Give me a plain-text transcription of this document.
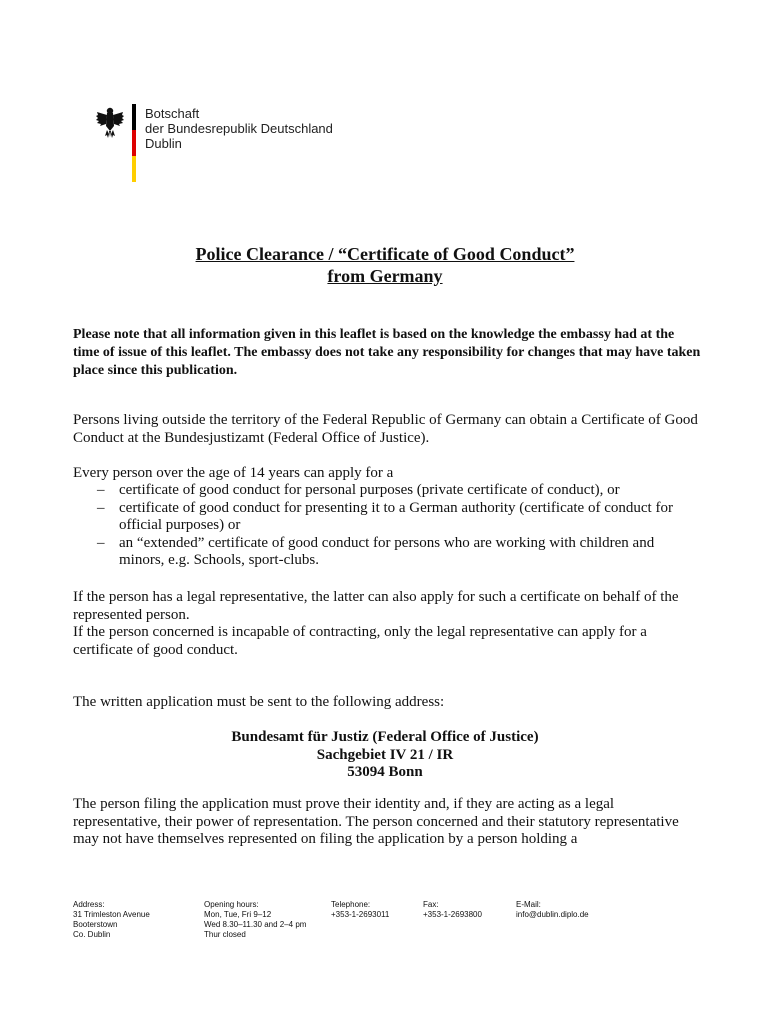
Botschaft
der Bundesrepublik Deutschland
Dublin
Police Clearance / “Certificate of Good Conduct”
from Germany

Please note that all information given in this leaflet is based on the knowledge the embassy had at the time of issue of this leaflet. The embassy does not take any responsibility for changes that may have taken place since this publication.

Persons living outside the territory of the Federal Republic of Germany can obtain a Certificate of Good Conduct at the Bundesjustizamt (Federal Office of Justice).

Every person over the age of 14 years can apply for a

– certificate of good conduct for personal purposes (private certificate of conduct), or
– certificate of good conduct for presenting it to a German authority (certificate of conduct for official purposes) or
– an “extended” certificate of good conduct for persons who are working with children and minors, e.g. Schools, sport-clubs.
If the person has a legal representative, the latter can also apply for such a certificate on behalf of the represented person.
If the person concerned is incapable of contracting, only the legal representative can apply for a certificate of good conduct.

The written application must be sent to the following address:

Bundesamt für Justiz (Federal Office of Justice)
Sachgebiet IV 21 / IR
53094 Bonn

The person filing the application must prove their identity and, if they are acting as a legal representative, their power of representation. The person concerned and their statutory representative may not have themselves represented on filing the application by a person holding a

Address:
31 Trimleston Avenue
Booterstown
Co. Dublin
Opening hours:
Mon, Tue, Fri 9–12
Wed 8.30–11.30 and 2–4 pm
Thur closed
Telephone:
+353-1-2693011
Fax:
+353-1-2693800
E-Mail:
info@dublin.diplo.de
